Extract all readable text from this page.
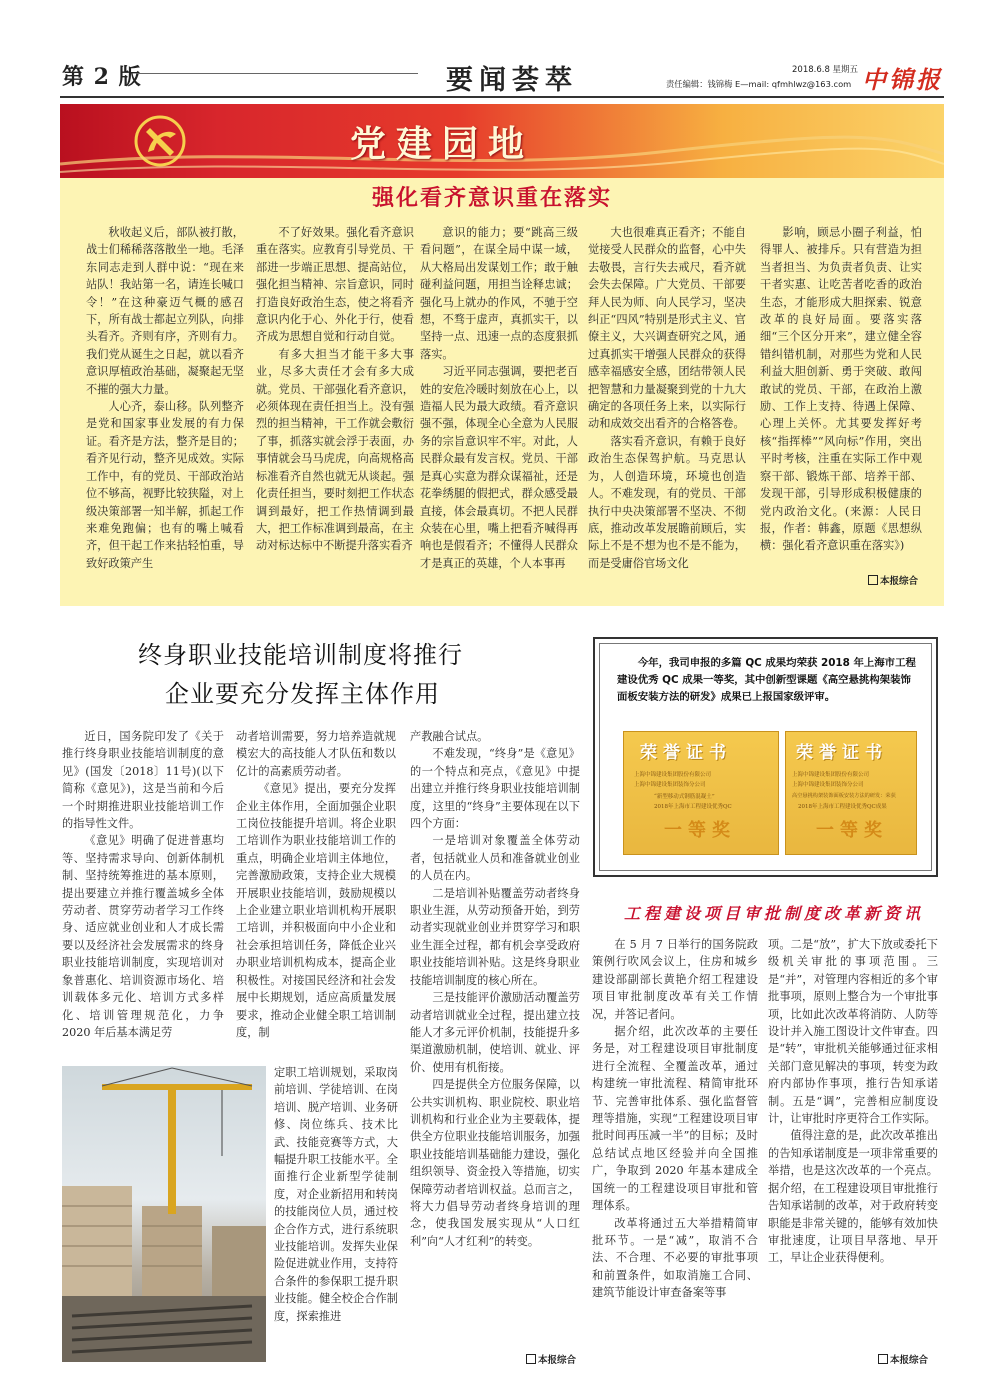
第 2 版	要闻荟萃	2018.6.8 星期五
责任编辑：钱锦梅 E—mail: qfmhlwz@163.com 中锦报
党建园地
强化看齐意识重在落实

秋收起义后，部队被打散，战士们稀稀落落散坐一地。毛泽东同志走到人群中说：“现在来站队！我站第一名，请连长喊口令！”在这种豪迈气概的感召下，所有战士都起立列队，向排头看齐。齐则有序，齐则有力。我们党从诞生之日起，就以看齐意识厚植政治基础，凝聚起无坚不摧的强大力量。

人心齐，泰山移。队列整齐是党和国家事业发展的有力保证。看齐是方法，整齐是目的；看齐见行动，整齐见成效。实际工作中，有的党员、干部政治站位不够高，视野比较狭隘，对上级决策部署一知半解，抓起工作来难免跑偏；也有的嘴上喊看齐，但干起工作来拈轻怕重，导致好政策产生

不了好效果。强化看齐意识重在落实。应教育引导党员、干部进一步端正思想、提高站位，强化担当精神、宗旨意识，同时打造良好政治生态，使之将看齐意识内化于心、外化于行，使看齐成为思想自觉和行动自觉。

有多大担当才能干多大事业，尽多大责任才会有多大成就。党员、干部强化看齐意识，必须体现在责任担当上。没有强烈的担当精神，干工作就会敷衍了事，抓落实就会浮于表面，办事情就会马马虎虎，向高规格高标准看齐自然也就无从谈起。强化责任担当，要时刻把工作状态调到最好，把工作热情调到最大，把工作标准调到最高，在主动对标达标中不断提升落实看齐

意识的能力；要“跳高三级看问题”，在谋全局中谋一域，从大格局出发谋划工作；敢于触碰利益问题，用担当诠释忠诚；强化马上就办的作风，不驰于空想，不骛于虚声，真抓实干，以坚持一点、迅速一点的态度狠抓落实。

习近平同志强调，要把老百姓的安危冷暖时刻放在心上，以造福人民为最大政绩。看齐意识强不强，体现全心全意为人民服务的宗旨意识牢不牢。对此，人民群众最有发言权。党员、干部是真心实意为群众谋福祉，还是花拳绣腿的假把式，群众感受最直接，体会最真切。不把人民群众装在心里，嘴上把看齐喊得再响也是假看齐；不懂得人民群众才是真正的英雄，个人本事再

大也很难真正看齐；不能自觉接受人民群众的监督，心中失去敬畏，言行失去戒尺，看齐就会失去保障。广大党员、干部要拜人民为师、向人民学习，坚决纠正“四风”特别是形式主义、官僚主义，大兴调查研究之风，通过真抓实干增强人民群众的获得感幸福感安全感，团结带领人民把智慧和力量凝聚到党的十九大确定的各项任务上来，以实际行动和成效交出看齐的合格答卷。

落实看齐意识，有赖于良好政治生态保驾护航。马克思认为，人创造环境，环境也创造人。不难发现，有的党员、干部执行中央决策部署不坚决、不彻底，推动改革发展瞻前顾后，实际上不是不想为也不是不能为，而是受庸俗官场文化

影响，顾忌小圈子利益，怕得罪人、被排斥。只有营造为担当者担当、为负责者负责、让实干者实惠、让吃苦者吃香的政治生态，才能形成大胆探索、锐意改革的良好局面。要落实落细“三个区分开来”，建立健全容错纠错机制，对那些为党和人民利益大胆创新、勇于突破、敢闯敢试的党员、干部，在政治上激励、工作上支持、待遇上保障、心理上关怀。尤其要发挥好考核“指挥棒”“风向标”作用，突出平时考核，注重在实际工作中观察干部、锻炼干部、培养干部、发现干部，引导形成积极健康的党内政治文化。(来源：人民日报，作者：韩鑫，原题《思想纵横：强化看齐意识重在落实》)

本报综合
终身职业技能培训制度将推行
企业要充分发挥主体作用

近日，国务院印发了《关于推行终身职业技能培训制度的意见》(国发〔2018〕11号)(以下简称《意见》)，这是当前和今后一个时期推进职业技能培训工作的指导性文件。

《意见》明确了促进普惠均等、坚持需求导向、创新体制机制、坚持统筹推进的基本原则，提出要建立并推行覆盖城乡全体劳动者、贯穿劳动者学习工作终身、适应就业创业和人才成长需要以及经济社会发展需求的终身职业技能培训制度，实现培训对象普惠化、培训资源市场化、培训载体多元化、培训方式多样化、培训管理规范化，力争 2020 年后基本满足劳

动者培训需要，努力培养造就规模宏大的高技能人才队伍和数以亿计的高素质劳动者。

《意见》提出，要充分发挥企业主体作用，全面加强企业职工岗位技能提升培训。将企业职工培训作为职业技能培训工作的重点，明确企业培训主体地位，完善激励政策，支持企业大规模开展职业技能培训，鼓励规模以上企业建立职业培训机构开展职工培训，并积极面向中小企业和社会承担培训任务，降低企业兴办职业培训机构成本，提高企业积极性。对接国民经济和社会发展中长期规划，适应高质量发展要求，推动企业健全职工培训制度，制

定职工培训规划，采取岗前培训、学徒培训、在岗培训、脱产培训、业务研修、岗位练兵、技术比武、技能竞赛等方式，大幅提升职工技能水平。全面推行企业新型学徒制度，对企业新招用和转岗的技能岗位人员，通过校企合作方式，进行系统职业技能培训。发挥失业保险促进就业作用，支持符合条件的参保职工提升职业技能。健全校企合作制度，探索推进

产教融合试点。

不难发现，“终身”是《意见》的一个特点和亮点，《意见》中提出建立并推行终身职业技能培训制度，这里的“终身”主要体现在以下四个方面：

一是培训对象覆盖全体劳动者，包括就业人员和准备就业创业的人员在内。

二是培训补贴覆盖劳动者终身职业生涯，从劳动预备开始，到劳动者实现就业创业并贯穿学习和职业生涯全过程，都有机会享受政府职业技能培训补贴。这是终身职业技能培训制度的核心所在。

三是技能评价激励活动覆盖劳动者培训就业全过程，提出建立技能人才多元评价机制，技能提升多渠道激励机制，使培训、就业、评价、使用有机衔接。

四是提供全方位服务保障，以公共实训机构、职业院校、职业培训机构和行业企业为主要载体，提供全方位职业技能培训服务，加强职业技能培训基础能力建设，强化组织领导、资金投入等措施，切实保障劳动者培训权益。总而言之，将大力倡导劳动者终身培训的理念，使我国发展实现从“人口红利”向“人才红利”的转变。

本报综合
今年，我司申报的多篇 QC 成果均荣获 2018 年上海市工程建设优秀 QC 成果一等奖，其中创新型课题《高空悬挑构架装饰面板安装方法的研发》成果已上报国家级评审。
荣誉证书
上海中锦建设集团股份有限公司
上海中锦建设集团装饰分公司
“新型移动式钢筋混凝土”
2018年上海市工程建设优秀QC
一等奖
荣誉证书
上海中锦建设集团股份有限公司
上海中锦建设集团装饰分公司
高空悬挑构架装饰面板安装方法的研发：荣获
2018年上海市工程建设优秀QC成果
一等奖
工程建设项目审批制度改革新资讯

在 5 月 7 日举行的国务院政策例行吹风会议上，住房和城乡建设部副部长黄艳介绍工程建设项目审批制度改革有关工作情况，并答记者问。

据介绍，此次改革的主要任务是，对工程建设项目审批制度进行全流程、全覆盖改革，通过构建统一审批流程、精简审批环节、完善审批体系、强化监督管理等措施，实现“工程建设项目审批时间再压减一半”的目标；及时总结试点地区经验并向全国推广，争取到 2020 年基本建成全国统一的工程建设项目审批和管理体系。

改革将通过五大举措精简审批环节。一是“减”，取消不合法、不合理、不必要的审批事项和前置条件，如取消施工合同、建筑节能设计审查备案等事

项。二是“放”，扩大下放或委托下级机关审批的事项范围。三是“并”，对管理内容相近的多个审批事项，原则上整合为一个审批事项，比如此次改革将消防、人防等设计并入施工图设计文件审查。四是“转”，审批机关能够通过征求相关部门意见解决的事项，转变为政府内部协作事项，推行告知承诺制。五是“调”，完善相应制度设计，让审批时序更符合工作实际。

值得注意的是，此次改革推出的告知承诺制度是一项非常重要的举措，也是这次改革的一个亮点。据介绍，在工程建设项目审批推行告知承诺制的改革，对于政府转变职能是非常关键的，能够有效加快审批速度，让项目早落地、早开工，早让企业获得便利。

本报综合
